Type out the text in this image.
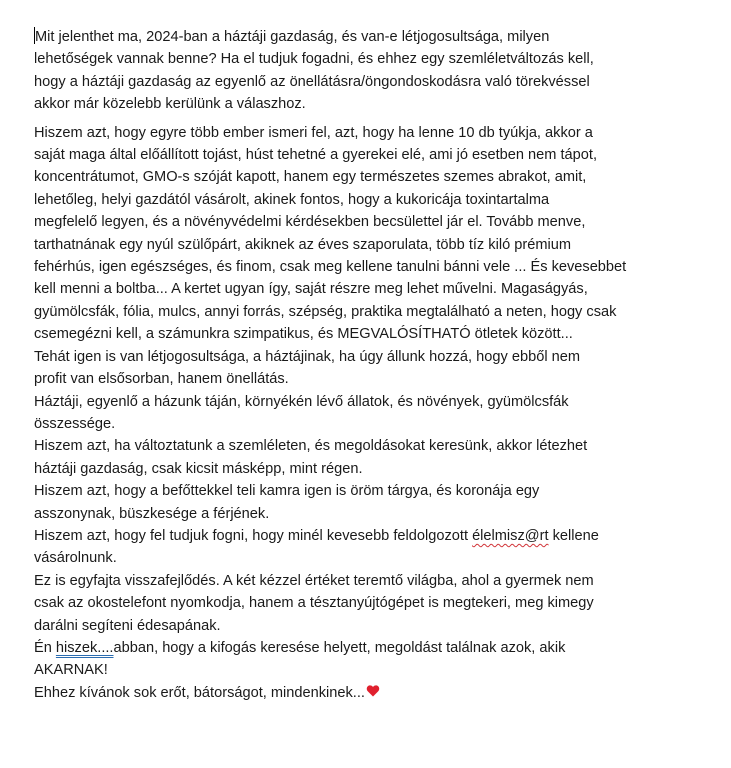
Mit jelenthet ma, 2024-ban a háztáji gazdaság, és van-e létjogosultsága, milyen
lehetőségek vannak benne? Ha el tudjuk fogadni, és ehhez egy szemléletváltozás kell,
hogy a háztáji gazdaság az egyenlő az önellátásra/öngondoskodásra való törekvéssel
akkor már közelebb kerülünk a válaszhoz.
Hiszem azt, hogy egyre több ember ismeri fel, azt, hogy ha lenne 10 db tyúkja, akkor a
saját maga által előállított tojást, húst tehetné a gyerekei elé, ami jó esetben nem tápot,
koncentrátumot, GMO-s szóját kapott, hanem egy természetes szemes abrakot, amit,
lehetőleg, helyi gazdától vásárolt, akinek fontos, hogy a kukoricája toxintartalma
megfelelő legyen, és a növényvédelmi kérdésekben becsülettel jár el. Tovább menve,
tarthatnának egy nyúl szülőpárt, akiknek az éves szaporulata, több tíz kiló prémium
fehérhús, igen egészséges, és finom, csak meg kellene tanulni bánni vele ... És kevesebbet
kell menni a boltba... A kertet ugyan így, saját részre meg lehet művelni. Magaságyás,
gyümölcsfák, fólia, mulcs, annyi forrás, szépség, praktika megtalálható a neten, hogy csak
csemegézni kell, a számunkra szimpatikus, és MEGVALÓSÍTHATÓ ötletek között...
Tehát igen is van létjogosultsága, a háztájinak, ha úgy állunk hozzá, hogy ebből nem
profit van elsősorban, hanem önellátás.
Háztáji, egyenlő a házunk táján, környékén lévő állatok, és növények, gyümölcsfák
összessége.
Hiszem azt, ha változtatunk a szemléleten, és megoldásokat keresünk, akkor létezhet
háztáji gazdaság, csak kicsit másképp, mint régen.
Hiszem azt, hogy a befőttekkel teli kamra igen is öröm tárgya, és koronája egy
asszonynak, büszkesége a férjének.
Hiszem azt, hogy fel tudjuk fogni, hogy minél kevesebb feldolgozott élelmisz@rt kellene
vásárolnunk.
Ez is egyfajta visszafejlődés. A két kézzel értéket teremtő világba, ahol a gyermek nem
csak az okostelefont nyomkodja, hanem a tésztanyújtógépet is megtekeri, meg kimegy
darálni segíteni édesapának.
Én hiszek....abban, hogy a kifogás keresése helyett, megoldást találnak azok, akik
AKARNAK!
Ehhez kívánok sok erőt, bátorságot, mindenkinek...
